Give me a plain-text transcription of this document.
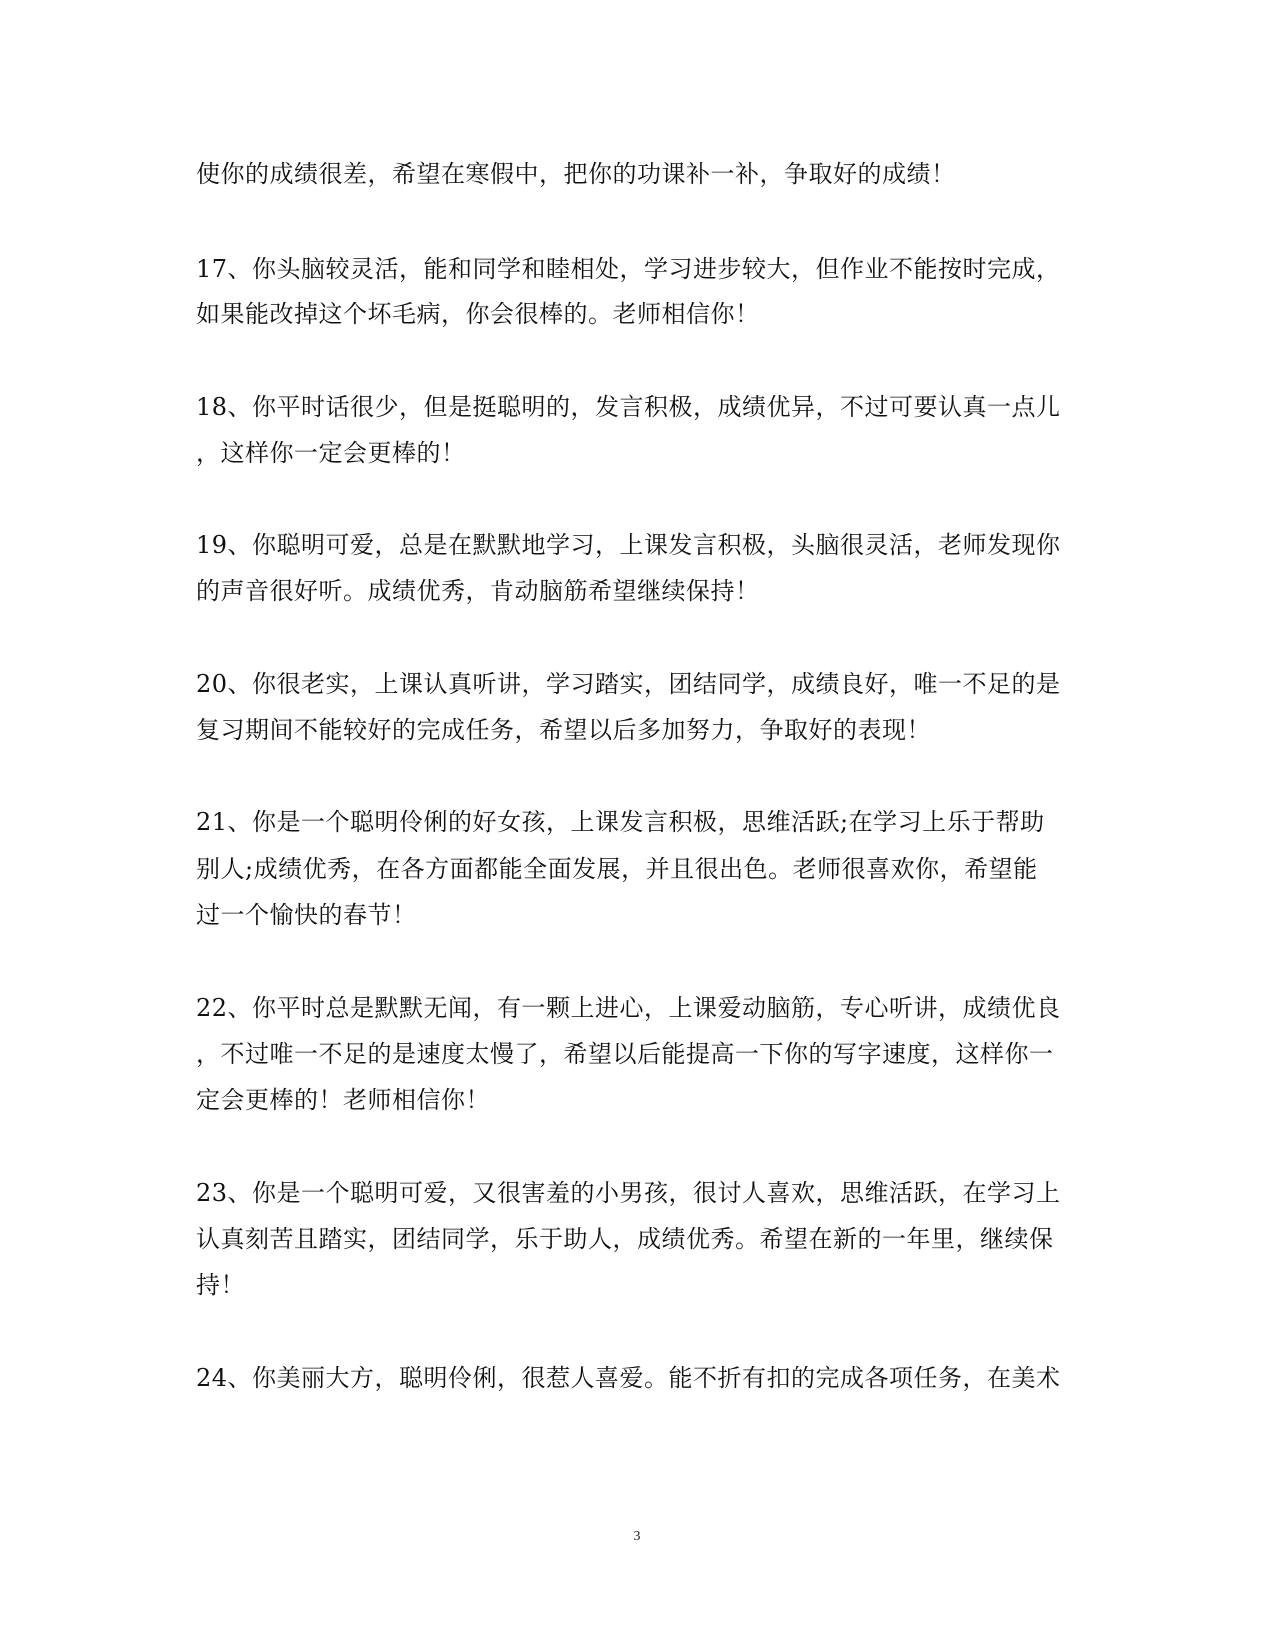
使你的成绩很差，希望在寒假中，把你的功课补一补，争取好的成绩！
17、你头脑较灵活，能和同学和睦相处，学习进步较大，但作业不能按时完成，
如果能改掉这个坏毛病，你会很棒的。老师相信你！
18、你平时话很少，但是挺聪明的，发言积极，成绩优异，不过可要认真一点儿
，这样你一定会更棒的！
19、你聪明可爱，总是在默默地学习，上课发言积极，头脑很灵活，老师发现你
的声音很好听。成绩优秀，肯动脑筋希望继续保持！
20、你很老实，上课认真听讲，学习踏实，团结同学，成绩良好，唯一不足的是
复习期间不能较好的完成任务，希望以后多加努力，争取好的表现！
21、你是一个聪明伶俐的好女孩，上课发言积极，思维活跃;在学习上乐于帮助
别人;成绩优秀，在各方面都能全面发展，并且很出色。老师很喜欢你，希望能
过一个愉快的春节！
22、你平时总是默默无闻，有一颗上进心，上课爱动脑筋，专心听讲，成绩优良
，不过唯一不足的是速度太慢了，希望以后能提高一下你的写字速度，这样你一
定会更棒的！老师相信你！
23、你是一个聪明可爱，又很害羞的小男孩，很讨人喜欢，思维活跃，在学习上
认真刻苦且踏实，团结同学，乐于助人，成绩优秀。希望在新的一年里，继续保
持！
24、你美丽大方，聪明伶俐，很惹人喜爱。能不折有扣的完成各项任务，在美术
3
